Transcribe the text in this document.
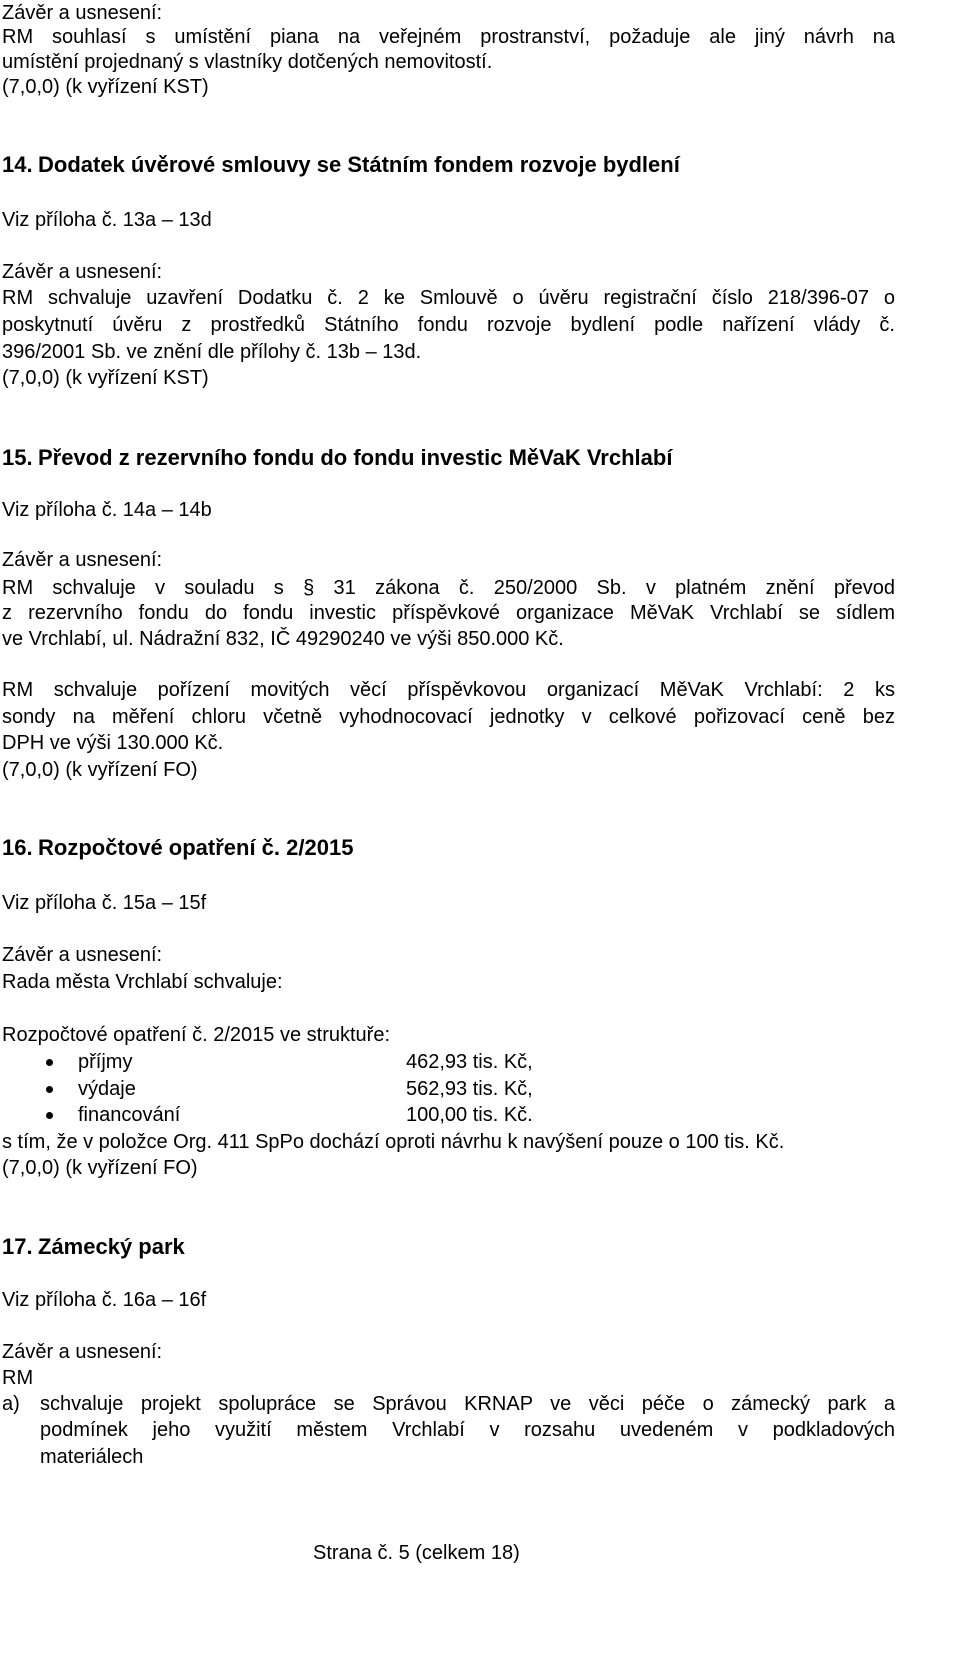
Závěr a usnesení:
RM souhlasí s umístění piana na veřejném prostranství, požaduje ale jiný návrh na
umístění projednaný s vlastníky dotčených nemovitostí.
(7,0,0) (k vyřízení KST)
14. Dodatek úvěrové smlouvy se Státním fondem rozvoje bydlení
Viz příloha č. 13a – 13d
Závěr a usnesení:
RM schvaluje uzavření Dodatku č. 2 ke Smlouvě o úvěru registrační číslo 218/396-07 o
poskytnutí úvěru z prostředků Státního fondu rozvoje bydlení podle nařízení vlády č.
396/2001 Sb. ve znění dle přílohy č. 13b – 13d.
(7,0,0) (k vyřízení KST)
15. Převod z rezervního fondu do fondu investic MěVaK Vrchlabí
Viz příloha č. 14a – 14b
Závěr a usnesení:
RM schvaluje v souladu s § 31 zákona č. 250/2000 Sb. v platném znění převod
z rezervního fondu do fondu investic příspěvkové organizace MěVaK Vrchlabí se sídlem
ve Vrchlabí, ul. Nádražní 832, IČ 49290240 ve výši 850.000 Kč.
RM schvaluje pořízení movitých věcí příspěvkovou organizací MěVaK Vrchlabí: 2 ks
sondy na měření chloru včetně vyhodnocovací jednotky v celkové pořizovací ceně bez
DPH ve výši 130.000 Kč.
(7,0,0) (k vyřízení FO)
16. Rozpočtové opatření č. 2/2015
Viz příloha č. 15a – 15f
Závěr a usnesení:
Rada města Vrchlabí schvaluje:
Rozpočtové opatření č. 2/2015 ve struktuře:
příjmy	462,93 tis. Kč,
výdaje	562,93 tis. Kč,
financování	100,00 tis. Kč.
s tím, že v položce Org. 411 SpPo dochází oproti návrhu k navýšení pouze o 100 tis. Kč.
(7,0,0) (k vyřízení FO)
17. Zámecký park
Viz příloha č. 16a – 16f
Závěr a usnesení:
RM
a) schvaluje projekt spolupráce se Správou KRNAP ve věci péče o zámecký park a
podmínek jeho využití městem Vrchlabí v rozsahu uvedeném v podkladových
materiálech
Strana č. 5 (celkem 18)
